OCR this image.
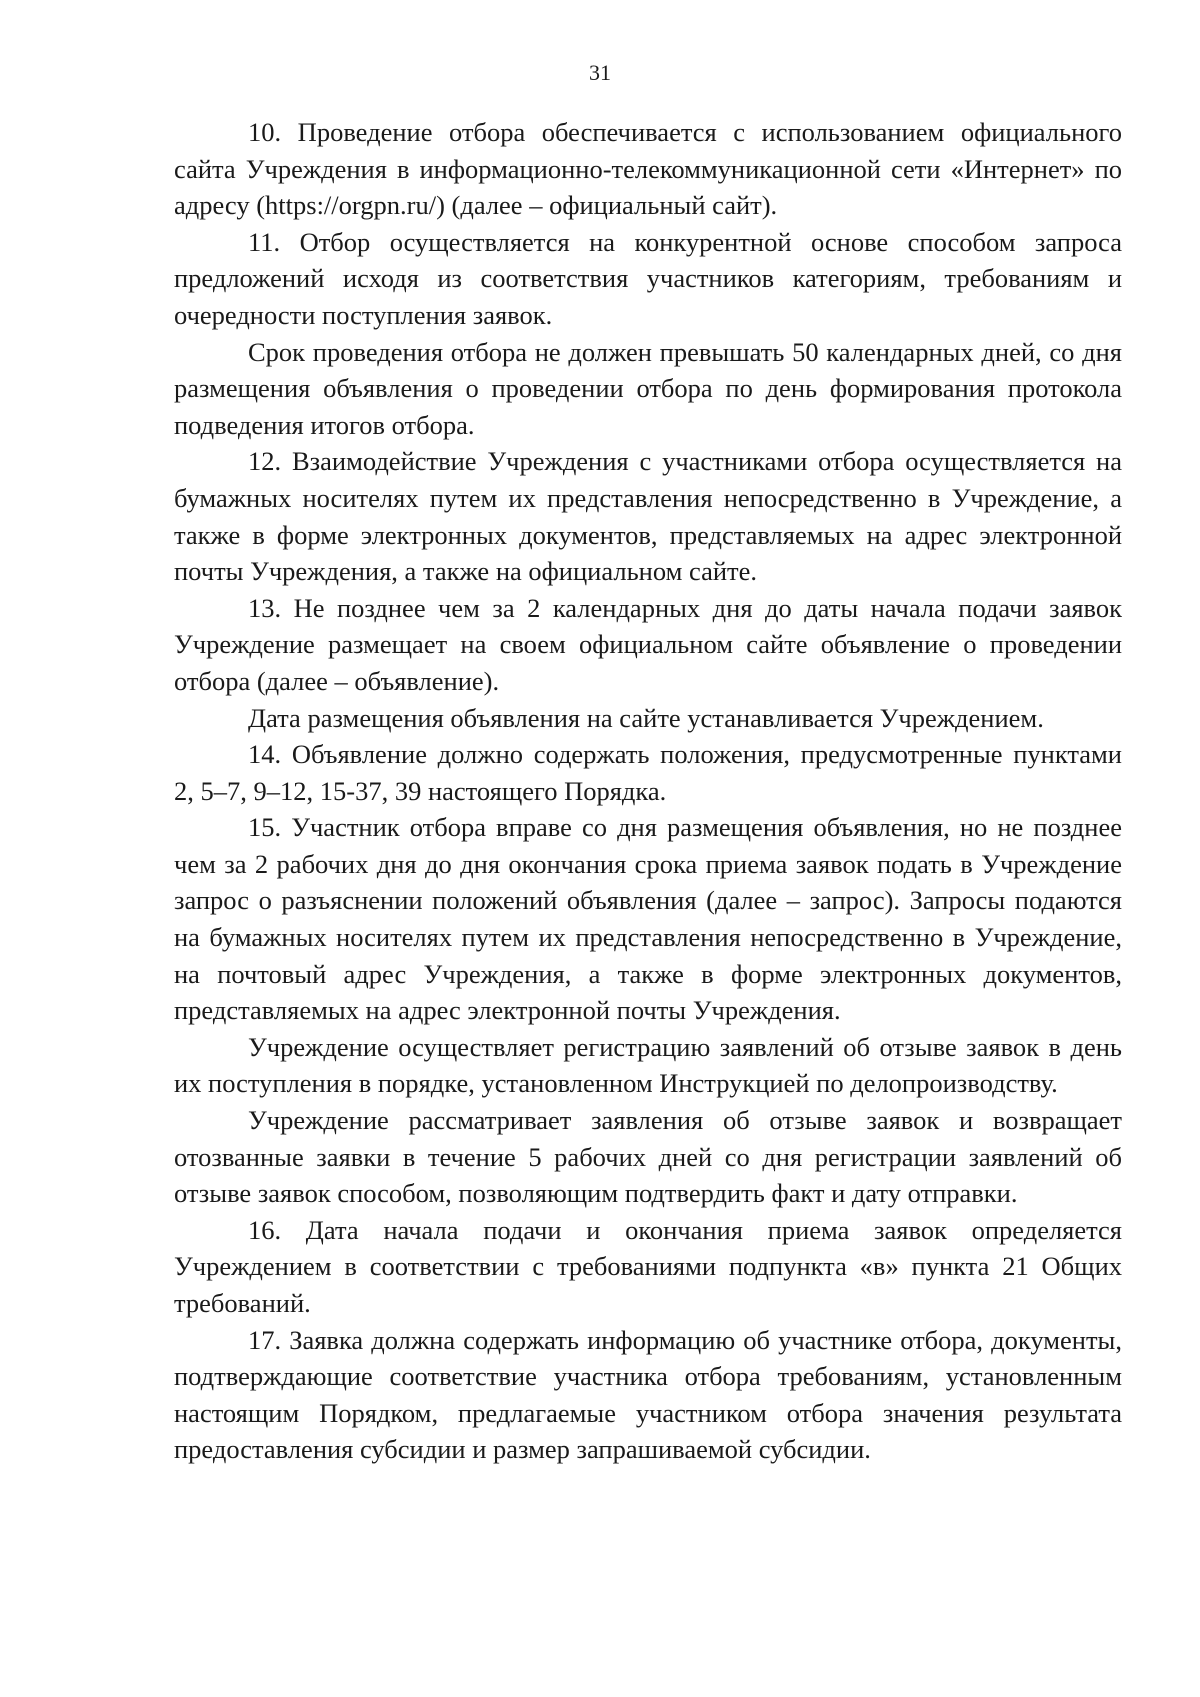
31

10. Проведение отбора обеспечивается с использованием официального сайта Учреждения в информационно-телекоммуникационной сети «Интернет» по адресу (https://orgpn.ru/) (далее – официальный сайт).

11. Отбор осуществляется на конкурентной основе способом запроса предложений исходя из соответствия участников категориям, требованиям и очередности поступления заявок.

Срок проведения отбора не должен превышать 50 календарных дней, со дня размещения объявления о проведении отбора по день формирования протокола подведения итогов отбора.

12. Взаимодействие Учреждения с участниками отбора осуществляется на бумажных носителях путем их представления непосредственно в Учреждение, а также в форме электронных документов, представляемых на адрес электронной почты Учреждения, а также на официальном сайте.

13. Не позднее чем за 2 календарных дня до даты начала подачи заявок Учреждение размещает на своем официальном сайте объявление о проведении отбора (далее – объявление).

Дата размещения объявления на сайте устанавливается Учреждением.

14. Объявление должно содержать положения, предусмотренные пунктами 2, 5–7, 9–12, 15-37, 39 настоящего Порядка.

15. Участник отбора вправе со дня размещения объявления, но не позднее чем за 2 рабочих дня до дня окончания срока приема заявок подать в Учреждение запрос о разъяснении положений объявления (далее – запрос). Запросы подаются на бумажных носителях путем их представления непосредственно в Учреждение, на почтовый адрес Учреждения, а также в форме электронных документов, представляемых на адрес электронной почты Учреждения.

Учреждение осуществляет регистрацию заявлений об отзыве заявок в день их поступления в порядке, установленном Инструкцией по делопроизводству.

Учреждение рассматривает заявления об отзыве заявок и возвращает отозванные заявки в течение 5 рабочих дней со дня регистрации заявлений об отзыве заявок способом, позволяющим подтвердить факт и дату отправки.

16. Дата начала подачи и окончания приема заявок определяется Учреждением в соответствии с требованиями подпункта «в» пункта 21 Общих требований.

17. Заявка должна содержать информацию об участнике отбора, документы, подтверждающие соответствие участника отбора требованиям, установленным настоящим Порядком, предлагаемые участником отбора значения результата предоставления субсидии и размер запрашиваемой субсидии.
